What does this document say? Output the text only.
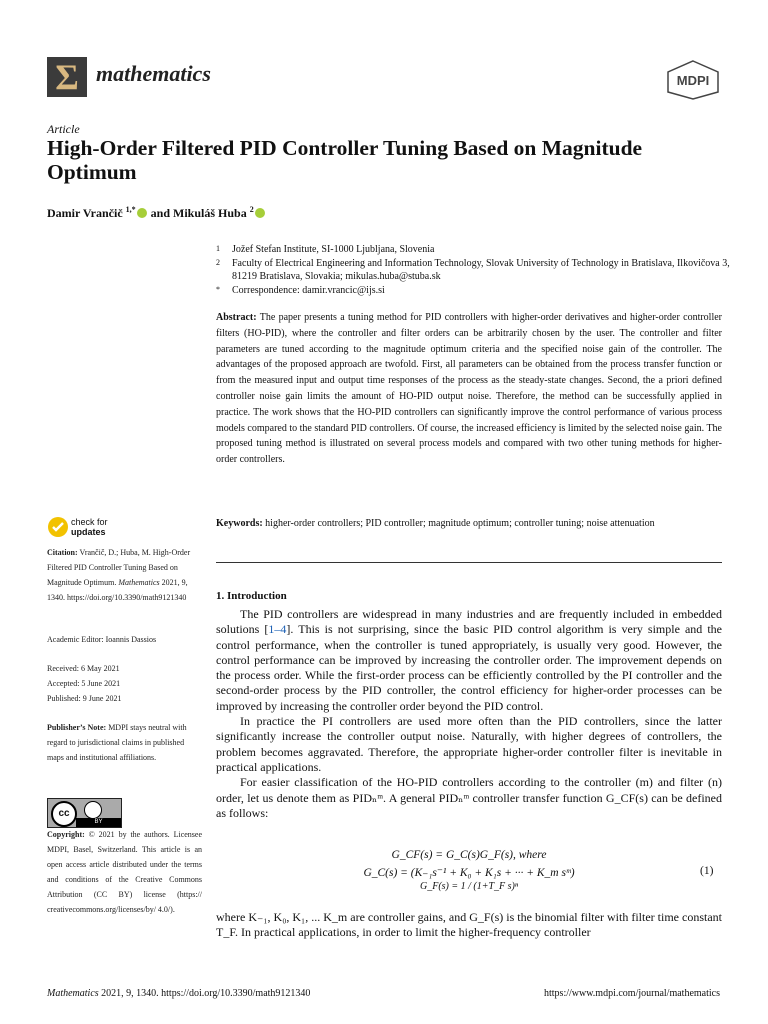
Σ mathematics	MDPI
Article
High-Order Filtered PID Controller Tuning Based on Magnitude Optimum
Damir Vrančič $^{1,*}$ and Mikuláš Huba $^2$
1 Jožef Stefan Institute, SI-1000 Ljubljana, Slovenia
2 Faculty of Electrical Engineering and Information Technology, Slovak University of Technology in Bratislava, Ilkovičova 3, 81219 Bratislava, Slovakia; mikulas.huba@stuba.sk
* Correspondence: damir.vrancic@ijs.si
Abstract: The paper presents a tuning method for PID controllers with higher-order derivatives and higher-order controller filters (HO-PID), where the controller and filter orders can be arbitrarily chosen by the user. The controller and filter parameters are tuned according to the magnitude optimum criteria and the specified noise gain of the controller. The advantages of the proposed approach are twofold. First, all parameters can be obtained from the process transfer function or from the measured input and output time responses of the process as the steady-state changes. Second, the a priori defined controller noise gain limits the amount of HO-PID output noise. Therefore, the method can be successfully applied in practice. The work shows that the HO-PID controllers can significantly improve the control performance of various process models compared to the standard PID controllers. Of course, the increased efficiency is limited by the selected noise gain. The proposed tuning method is illustrated on several process models and compared with two other tuning methods for higher-order controllers.
Keywords: higher-order controllers; PID controller; magnitude optimum; controller tuning; noise attenuation
check for
updates
Citation: Vrančič, D.; Huba, M. High-Order Filtered PID Controller Tuning Based on Magnitude Optimum. Mathematics 2021, 9, 1340. https://doi.org/10.3390/math9121340
Academic Editor: Ioannis Dassios
Received: 6 May 2021
Accepted: 5 June 2021
Published: 9 June 2021
Publisher’s Note: MDPI stays neutral with regard to jurisdictional claims in published maps and institutional affiliations.
cc
BY
Copyright: © 2021 by the authors. Licensee MDPI, Basel, Switzerland. This article is an open access article distributed under the terms and conditions of the Creative Commons Attribution (CC BY) license (https:// creativecommons.org/licenses/by/ 4.0/).
1. Introduction

The PID controllers are widespread in many industries and are frequently included in embedded solutions [1–4]. This is not surprising, since the basic PID control algorithm is very simple and the control performance, when the controller is tuned appropriately, is usually very good. However, the control performance can be improved by increasing the controller order. The improvement depends on the process order. While the first-order process can be efficiently controlled by the PI controller and the second-order process by the PID controller, the control efficiency for higher-order processes can be improved by increasing the controller order beyond the PID control.

In practice the PI controllers are used more often than the PID controllers, since the latter significantly increase the controller output noise. Naturally, with higher degrees of controllers, the problem becomes aggravated. Therefore, the appropriate higher-order controller filter is inevitable in practical applications.

For easier classification of the HO-PID controllers according to the controller (m) and filter (n) order, let us denote them as PIDₙᵐ. A general PIDₙᵐ controller transfer function G_CF(s) can be defined as follows:

G_CF(s) = G_C(s)G_F(s), where
G_C(s) = (K₋₁s⁻¹ + K₀ + K₁s + ··· + K_m sᵐ)
G_F(s) = 1 / (1+T_F s)ⁿ
(1)
where K₋₁, K₀, K₁, ... K_m are controller gains, and G_F(s) is the binomial filter with filter time constant T_F. In practical applications, in order to limit the higher-frequency controller
Mathematics 2021, 9, 1340. https://doi.org/10.3390/math9121340	https://www.mdpi.com/journal/mathematics
